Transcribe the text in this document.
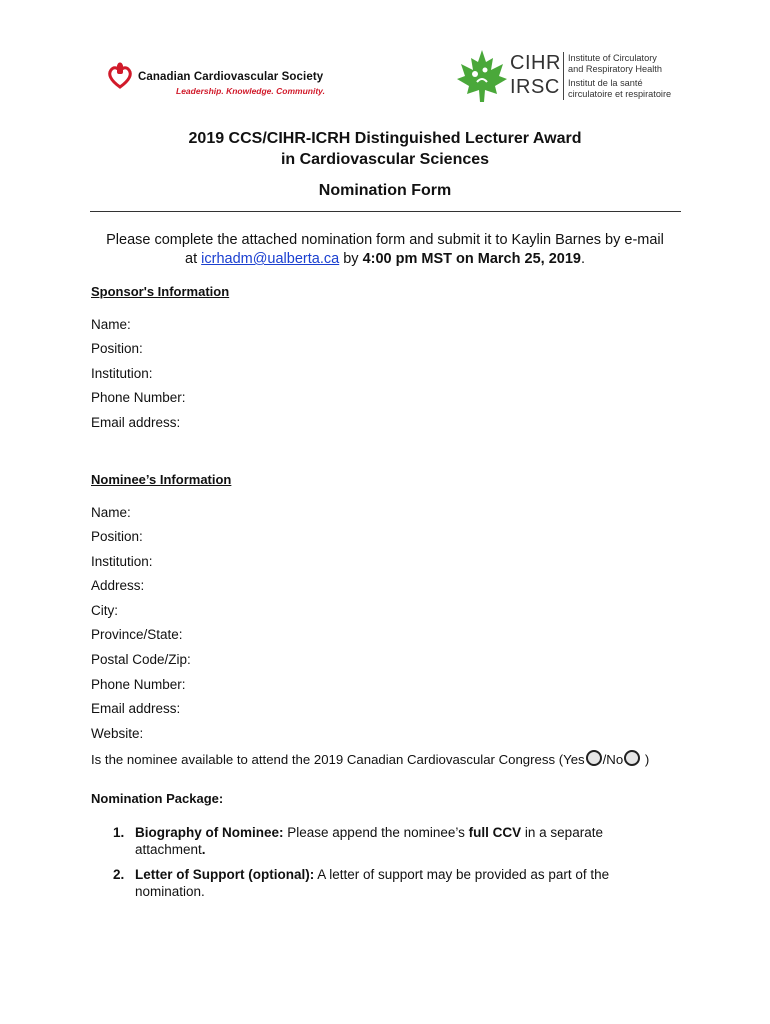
Canadian Cardiovascular Society
Leadership. Knowledge. Community.
CIHR
IRSC
Institute of Circulatory
and Respiratory Health
Institut de la santé
circulatoire et respiratoire
2019 CCS/CIHR-ICRH Distinguished Lecturer Award
in Cardiovascular Sciences
Nomination Form
Please complete the attached nomination form and submit it to Kaylin Barnes by e-mail
at icrhadm@ualberta.ca by 4:00 pm MST on March 25, 2019.
Sponsor's Information
Name:
Position:
Institution:
Phone Number:
Email address:
Nominee’s Information
Name:
Position:
Institution:
Address:
City:
Province/State:
Postal Code/Zip:
Phone Number:
Email address:
Website:
Is the nominee available to attend the 2019 Canadian Cardiovascular Congress (Yes /No )
Nomination Package:
1. Biography of Nominee: Please append the nominee’s full CCV in a separate
attachment.
2. Letter of Support (optional): A letter of support may be provided as part of the
nomination.
